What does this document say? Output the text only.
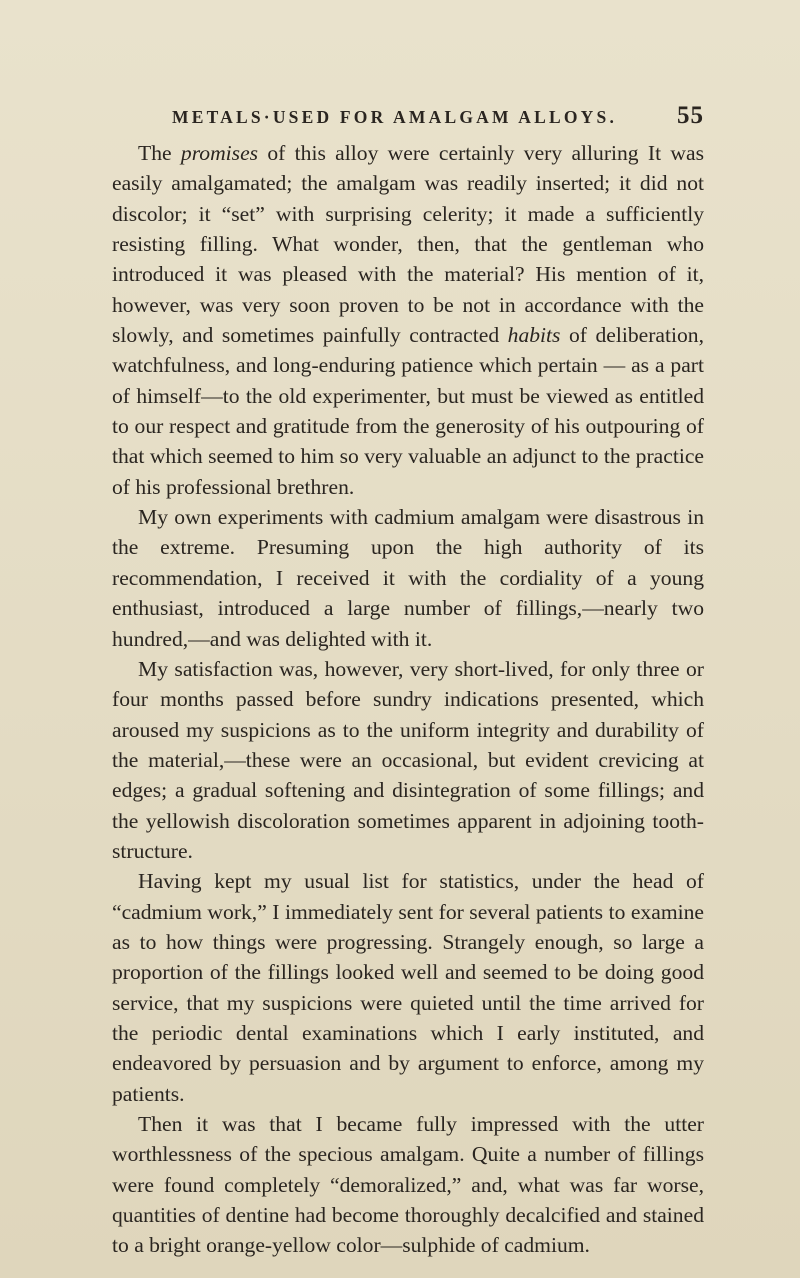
METALS·USED FOR AMALGAM ALLOYS. 55

The promises of this alloy were certainly very alluring It was easily amalgamated; the amalgam was readily inserted; it did not discolor; it “set” with surprising celerity; it made a sufficiently resisting filling. What wonder, then, that the gentleman who introduced it was pleased with the material? His mention of it, however, was very soon proven to be not in accordance with the slowly, and sometimes painfully contracted habits of deliberation, watchfulness, and long-enduring patience which pertain — as a part of himself—to the old experimenter, but must be viewed as entitled to our respect and gratitude from the generosity of his outpouring of that which seemed to him so very valuable an adjunct to the practice of his professional brethren.

My own experiments with cadmium amalgam were disastrous in the extreme. Presuming upon the high authority of its recommendation, I received it with the cordiality of a young enthusiast, introduced a large number of fillings,—nearly two hundred,—and was delighted with it.

My satisfaction was, however, very short-lived, for only three or four months passed before sundry indications presented, which aroused my suspicions as to the uniform integrity and durability of the material,—these were an occasional, but evident crevicing at edges; a gradual softening and disintegration of some fillings; and the yellowish discoloration sometimes apparent in adjoining tooth-structure.

Having kept my usual list for statistics, under the head of “cadmium work,” I immediately sent for several patients to examine as to how things were progressing. Strangely enough, so large a proportion of the fillings looked well and seemed to be doing good service, that my suspicions were quieted until the time arrived for the periodic dental examinations which I early instituted, and endeavored by persuasion and by argument to enforce, among my patients.

Then it was that I became fully impressed with the utter worthlessness of the specious amalgam. Quite a number of fillings were found completely “demoralized,” and, what was far worse, quantities of dentine had become thoroughly decalcified and stained to a bright orange-yellow color—sulphide of cadmium.
